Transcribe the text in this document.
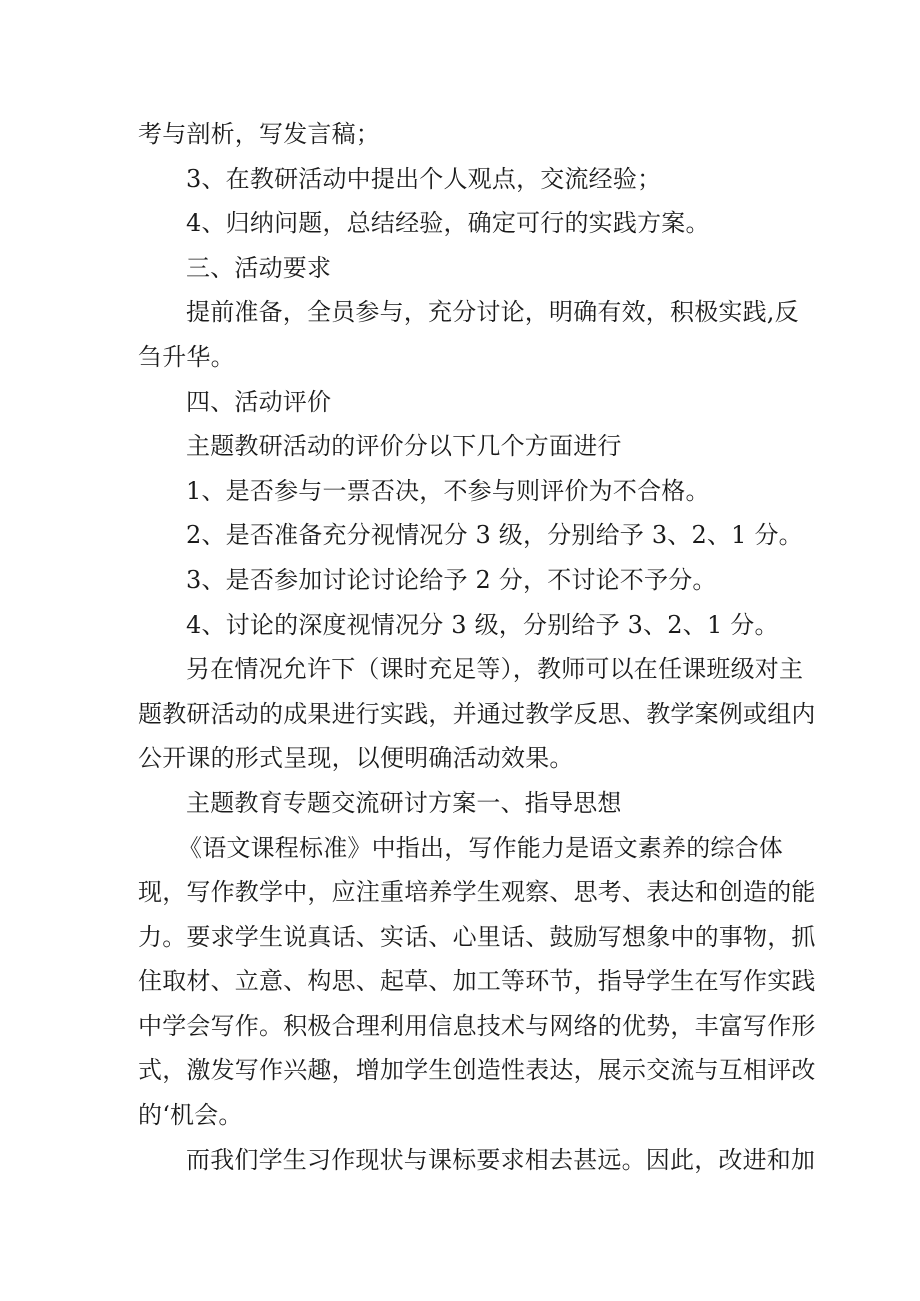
考与剖析，写发言稿；
3、在教研活动中提出个人观点，交流经验；
4、归纳问题，总结经验，确定可行的实践方案。
三、活动要求
提前准备，全员参与，充分讨论，明确有效，积极实践,反
刍升华。
四、活动评价
主题教研活动的评价分以下几个方面进行
1、是否参与一票否决，不参与则评价为不合格。
2、是否准备充分视情况分 3 级，分别给予 3、2、1 分。
3、是否参加讨论讨论给予 2 分，不讨论不予分。
4、讨论的深度视情况分 3 级，分别给予 3、2、1 分。
另在情况允许下（课时充足等），教师可以在任课班级对主
题教研活动的成果进行实践，并通过教学反思、教学案例或组内
公开课的形式呈现，以便明确活动效果。
主题教育专题交流研讨方案一、指导思想
《语文课程标准》中指出，写作能力是语文素养的综合体
现，写作教学中，应注重培养学生观察、思考、表达和创造的能
力。要求学生说真话、实话、心里话、鼓励写想象中的事物，抓
住取材、立意、构思、起草、加工等环节，指导学生在写作实践
中学会写作。积极合理利用信息技术与网络的优势，丰富写作形
式，激发写作兴趣，增加学生创造性表达，展示交流与互相评改
的‘机会。
而我们学生习作现状与课标要求相去甚远。因此，改进和加
